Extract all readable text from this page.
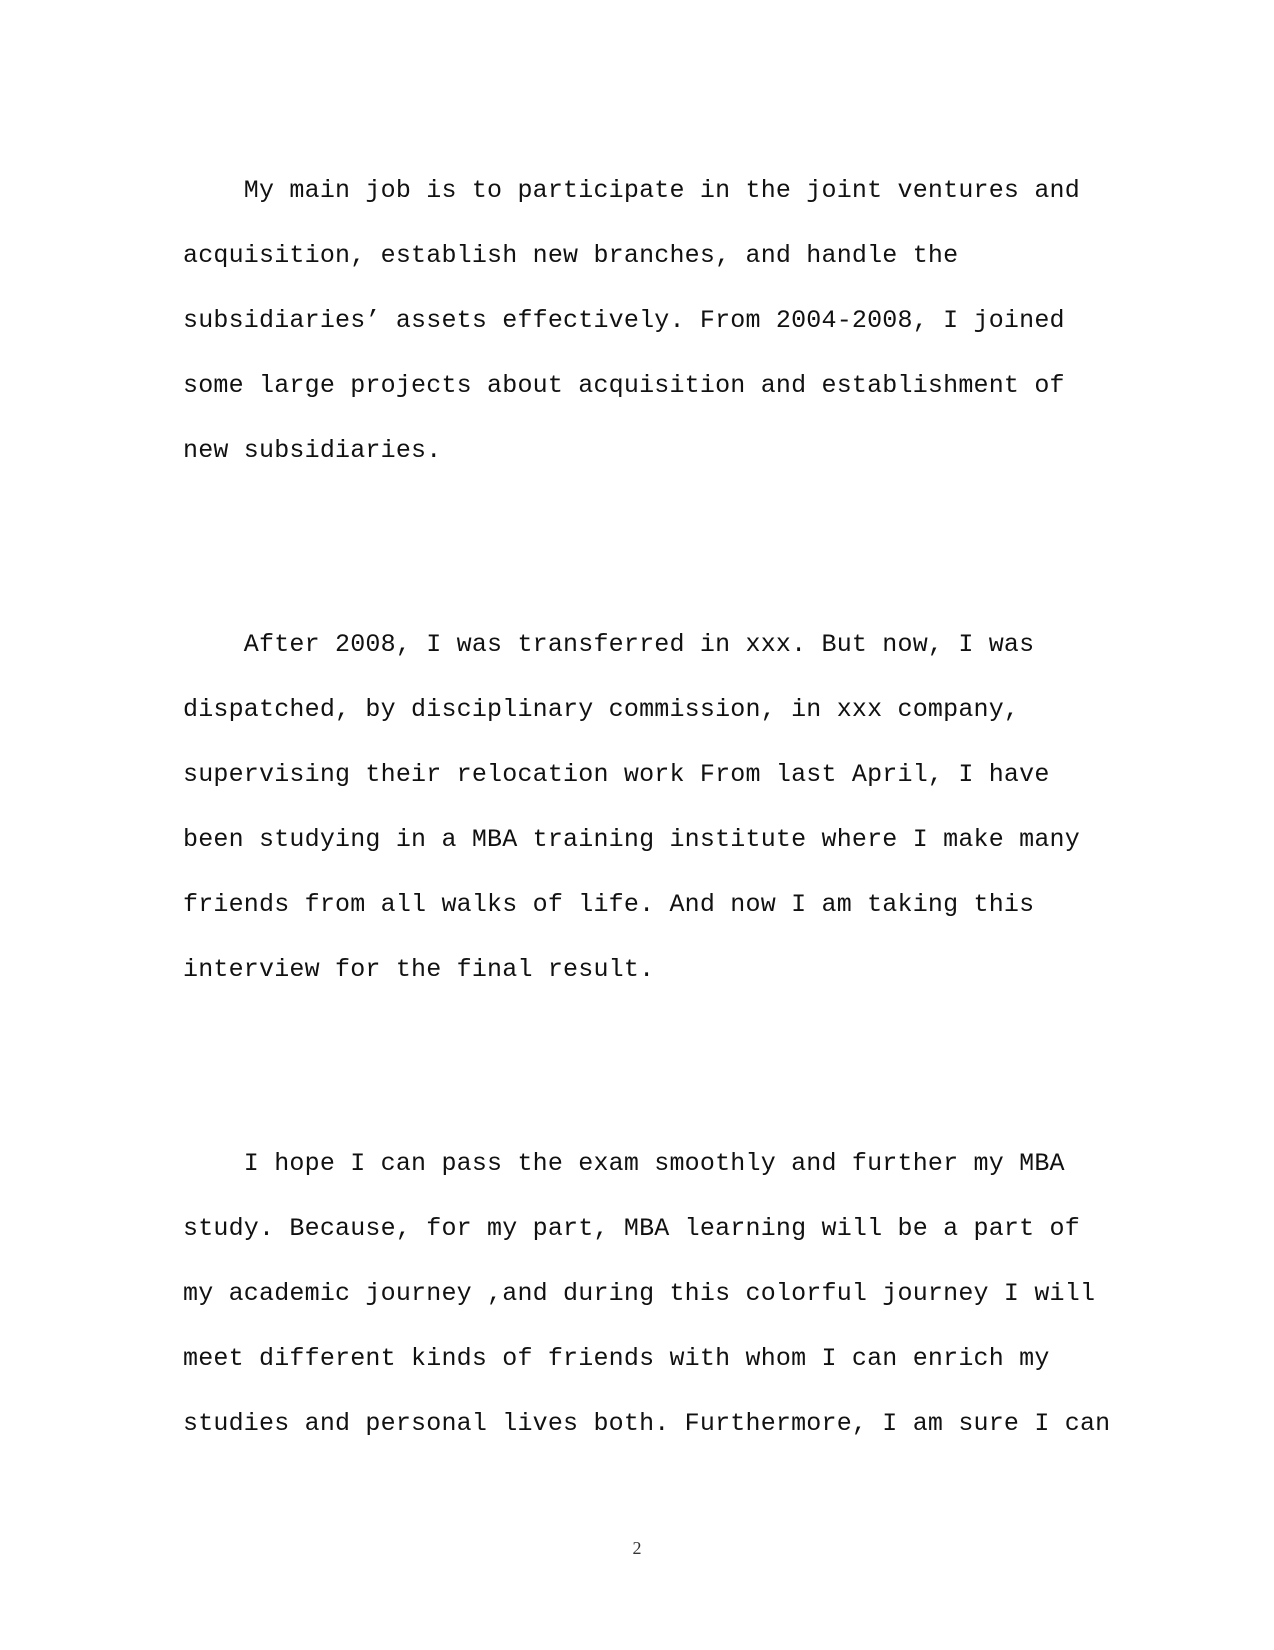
My main job is to participate in the joint ventures and
acquisition, establish new branches, and handle the
subsidiaries’ assets effectively. From 2004-2008, I joined
some large projects about acquisition and establishment of
new subsidiaries.
After 2008, I was transferred in xxx. But now, I was
dispatched, by disciplinary commission, in xxx company,
supervising their relocation work From last April, I have
been studying in a MBA training institute where I make many
friends from all walks of life. And now I am taking this
interview for the final result.
I hope I can pass the exam smoothly and further my MBA
study. Because, for my part, MBA learning will be a part of
my academic journey ,and during this colorful journey I will
meet different kinds of friends with whom I can enrich my
studies and personal lives both. Furthermore, I am sure I can
2
